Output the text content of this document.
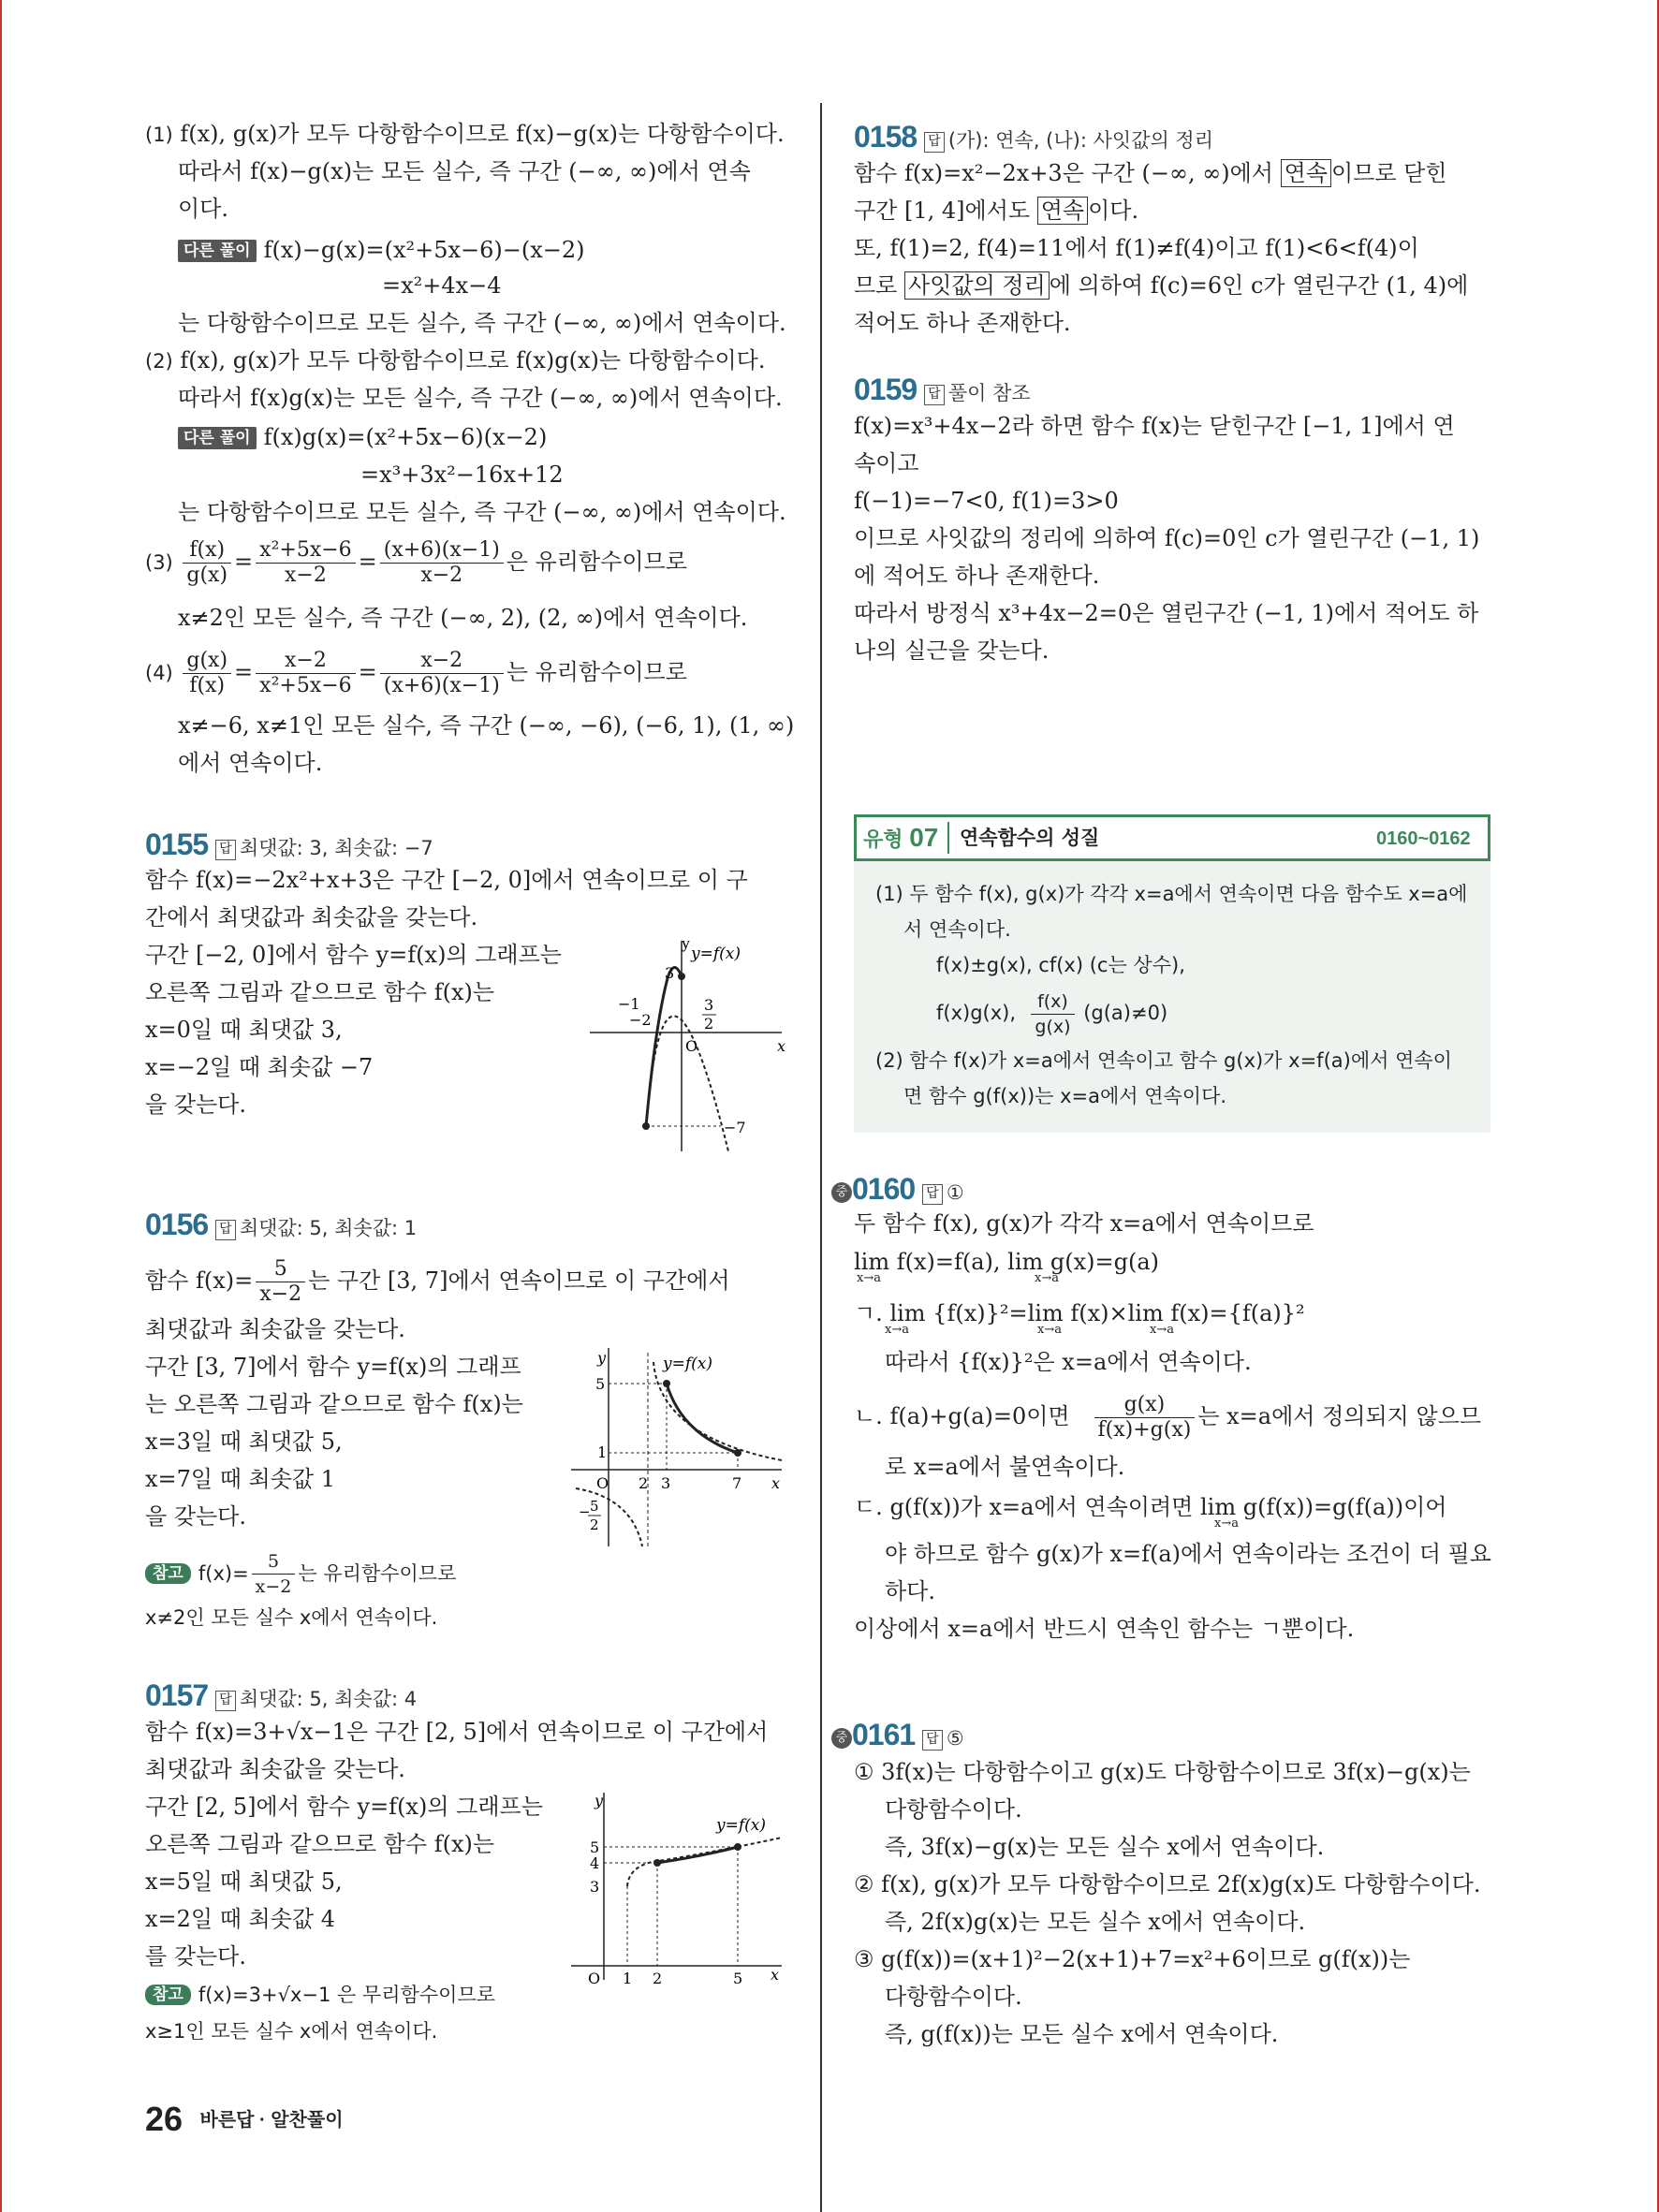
(1) f(x), g(x)가 모두 다항함수이므로 f(x)−g(x)는 다항함수이다.
따라서 f(x)−g(x)는 모든 실수, 즉 구간 (−∞, ∞)에서 연속
이다.
다른 풀이 f(x)−g(x)=(x²+5x−6)−(x−2)
=x²+4x−4
는 다항함수이므로 모든 실수, 즉 구간 (−∞, ∞)에서 연속이다.
(2) f(x), g(x)가 모두 다항함수이므로 f(x)g(x)는 다항함수이다.
따라서 f(x)g(x)는 모든 실수, 즉 구간 (−∞, ∞)에서 연속이다.
다른 풀이 f(x)g(x)=(x²+5x−6)(x−2)
=x³+3x²−16x+12
는 다항함수이므로 모든 실수, 즉 구간 (−∞, ∞)에서 연속이다.
$(3) \frac{f(x)}{g(x)} = \frac{\text{x²+5x−6}}{x-2} = \frac{(x+6)(x-1)}{x-2}$ 은 유리함수이므로
x≠2인 모든 실수, 즉 구간 (−∞, 2), (2, ∞)에서 연속이다.
$(4) \frac{g(x)}{f(x)} = \frac{x-2}{\text{x²+5x−6}} = \frac{x-2}{(x+6)(x-1)}$ 는 유리함수이므로
x≠−6, x≠1인 모든 실수, 즉 구간 (−∞, −6), (−6, 1), (1, ∞)
에서 연속이다.
0155 답 최댓값: 3, 최솟값: −7
함수 f(x)=−2x²+x+3은 구간 [−2, 0]에서 연속이므로 이 구
간에서 최댓값과 최솟값을 갖는다.
구간 [−2, 0]에서 함수 y=f(x)의 그래프는
오른쪽 그림과 같으므로 함수 f(x)는
x=0일 때 최댓값 3,
x=−2일 때 최솟값 −7
을 갖는다.
y
y=f(x)
x
3
−1
−2
3
2
O
−7
0156 답 최댓값: 5, 최솟값: 1
함수 $f(x)= \frac{5}{x-2}$ 는 구간 [3, 7]에서 연속이므로 이 구간에서
최댓값과 최솟값을 갖는다.
구간 [3, 7]에서 함수 y=f(x)의 그래프
는 오른쪽 그림과 같으므로 함수 f(x)는
x=3일 때 최댓값 5,
x=7일 때 최솟값 1
을 갖는다.
참고 $f(x)= \frac{5}{x-2}$ 는 유리함수이므로
x≠2인 모든 실수 x에서 연속이다.
y	y=f(x)
x
5
1
O 2 3	7
− 5
2
0157 답 최댓값: 5, 최솟값: 4
함수 f(x)=3+√x−1은 구간 [2, 5]에서 연속이므로 이 구간에서
최댓값과 최솟값을 갖는다.
구간 [2, 5]에서 함수 y=f(x)의 그래프는
오른쪽 그림과 같으므로 함수 f(x)는
x=5일 때 최댓값 5,
x=2일 때 최솟값 4
를 갖는다.
참고 f(x)=3+√x−1 은 무리함수이므로
x≥1인 모든 실수 x에서 연속이다.
y
y=f(x)
x
5
4
3
O 1 2	5
0158 답 (가): 연속, (나): 사잇값의 정리
함수 f(x)=x²−2x+3은 구간 (−∞, ∞)에서 연속 이므로 닫힌
구간 [1, 4]에서도 연속 이다.
또, f(1)=2, f(4)=11에서 f(1)≠f(4)이고 f(1)<6<f(4)이
므로 사잇값의 정리 에 의하여 f(c)=6인 c가 열린구간 (1, 4)에
적어도 하나 존재한다.
0159 답 풀이 참조
f(x)=x³+4x−2라 하면 함수 f(x)는 닫힌구간 [−1, 1]에서 연
속이고
f(−1)=−7<0, f(1)=3>0
이므로 사잇값의 정리에 의하여 f(c)=0인 c가 열린구간 (−1, 1)
에 적어도 하나 존재한다.
따라서 방정식 x³+4x−2=0은 열린구간 (−1, 1)에서 적어도 하
나의 실근을 갖는다.
유형 07 연속함수의 성질	0160~0162
(1) 두 함수 f(x), g(x)가 각각 x=a에서 연속이면 다음 함수도 x=a에
서 연속이다.
f(x)±g(x), cf(x) (c는 상수),
f(x)g(x), $\frac{f(x)}{g(x)} (g(a)\ne 0)$
(2) 함수 f(x)가 x=a에서 연속이고 함수 g(x)가 x=f(a)에서 연속이
면 함수 g(f(x))는 x=a에서 연속이다.
중 0160 답 ①
두 함수 f(x), g(x)가 각각 x=a에서 연속이므로
lim f(x)=f(a), lim g(x)=g(a)
x→a	x→a
ㄱ. lim {f(x)}²=lim f(x)×lim f(x)={f(a)}²
x→a	x→a	x→a
따라서 {f(x)}²은 x=a에서 연속이다.
ㄴ. f(a)+g(a)=0이면 $\frac{g(x)}{f(x)+g(x)}$ 는 x=a에서 정의되지 않으므
로 x=a에서 불연속이다.
ㄷ. g(f(x))가 x=a에서 연속이려면 lim g(f(x))=g(f(a))이어
x→a
야 하므로 함수 g(x)가 x=f(a)에서 연속이라는 조건이 더 필요
하다.
이상에서 x=a에서 반드시 연속인 함수는 ㄱ뿐이다.
중 0161 답 ⑤
① 3f(x)는 다항함수이고 g(x)도 다항함수이므로 3f(x)−g(x)는
다항함수이다.
즉, 3f(x)−g(x)는 모든 실수 x에서 연속이다.
② f(x), g(x)가 모두 다항함수이므로 2f(x)g(x)도 다항함수이다.
즉, 2f(x)g(x)는 모든 실수 x에서 연속이다.
③ g(f(x))=(x+1)²−2(x+1)+7=x²+6이므로 g(f(x))는
다항함수이다.
즉, g(f(x))는 모든 실수 x에서 연속이다.
26 바른답 · 알찬풀이
